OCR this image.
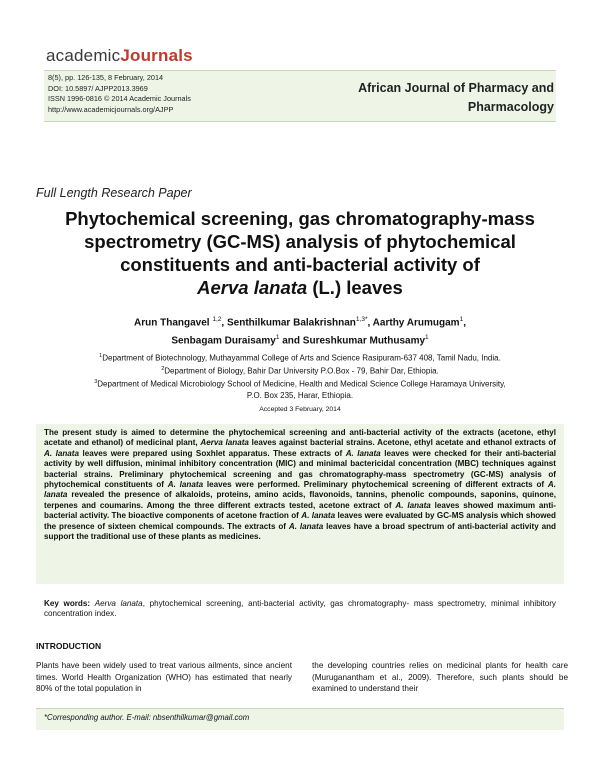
academicJournals
8(5), pp. 126-135, 8 February, 2014
DOI: 10.5897/ AJPP2013.3969
ISSN 1996-0816 © 2014 Academic Journals
http://www.academicjournals.org/AJPP
African Journal of Pharmacy and
Pharmacology
Full Length Research Paper
Phytochemical screening, gas chromatography-mass
spectrometry (GC-MS) analysis of phytochemical
constituents and anti-bacterial activity of
Aerva lanata (L.) leaves
Arun Thangavel $^{1,2}$, Senthilkumar Balakrishnan$^{1,3*}$, Aarthy Arumugam$^1$,
Senbagam Duraisamy$^1$ and Sureshkumar Muthusamy$^1$
$^1$Department of Biotechnology, Muthayammal College of Arts and Science Rasipuram-637 408, Tamil Nadu, India.
$^2$Department of Biology, Bahir Dar University P.O.Box - 79, Bahir Dar, Ethiopia.
$^3$Department of Medical Microbiology School of Medicine, Health and Medical Science College Haramaya University,
P.O. Box 235, Harar, Ethiopia.
Accepted 3 February, 2014
The present study is aimed to determine the phytochemical screening and anti-bacterial activity of the extracts (acetone, ethyl acetate and ethanol) of medicinal plant, Aerva lanata leaves against bacterial strains. Acetone, ethyl acetate and ethanol extracts of A. lanata leaves were prepared using Soxhlet apparatus. These extracts of A. lanata leaves were checked for their anti-bacterial activity by well diffusion, minimal inhibitory concentration (MIC) and minimal bactericidal concentration (MBC) techniques against bacterial strains. Preliminary phytochemical screening and gas chromatography-mass spectrometry (GC-MS) analysis of phytochemical constituents of A. lanata leaves were performed. Preliminary phytochemical screening of different extracts of A. lanata revealed the presence of alkaloids, proteins, amino acids, flavonoids, tannins, phenolic compounds, saponins, quinone, terpenes and coumarins. Among the three different extracts tested, acetone extract of A. lanata leaves showed maximum anti-bacterial activity. The bioactive components of acetone fraction of A. lanata leaves were evaluated by GC-MS analysis which showed the presence of sixteen chemical compounds. The extracts of A. lanata leaves have a broad spectrum of anti-bacterial activity and support the traditional use of these plants as medicines.
Key words: Aerva lanata, phytochemical screening, anti-bacterial activity, gas chromatography- mass spectrometry, minimal inhibitory concentration index.
INTRODUCTION
Plants have been widely used to treat various ailments, since ancient times. World Health Organization (WHO) has estimated that nearly 80% of the total population in
the developing countries relies on medicinal plants for health care (Muruganantham et al., 2009). Therefore, such plants should be examined to understand their
*Corresponding author. E-mail: nbsenthilkumar@gmail.com
